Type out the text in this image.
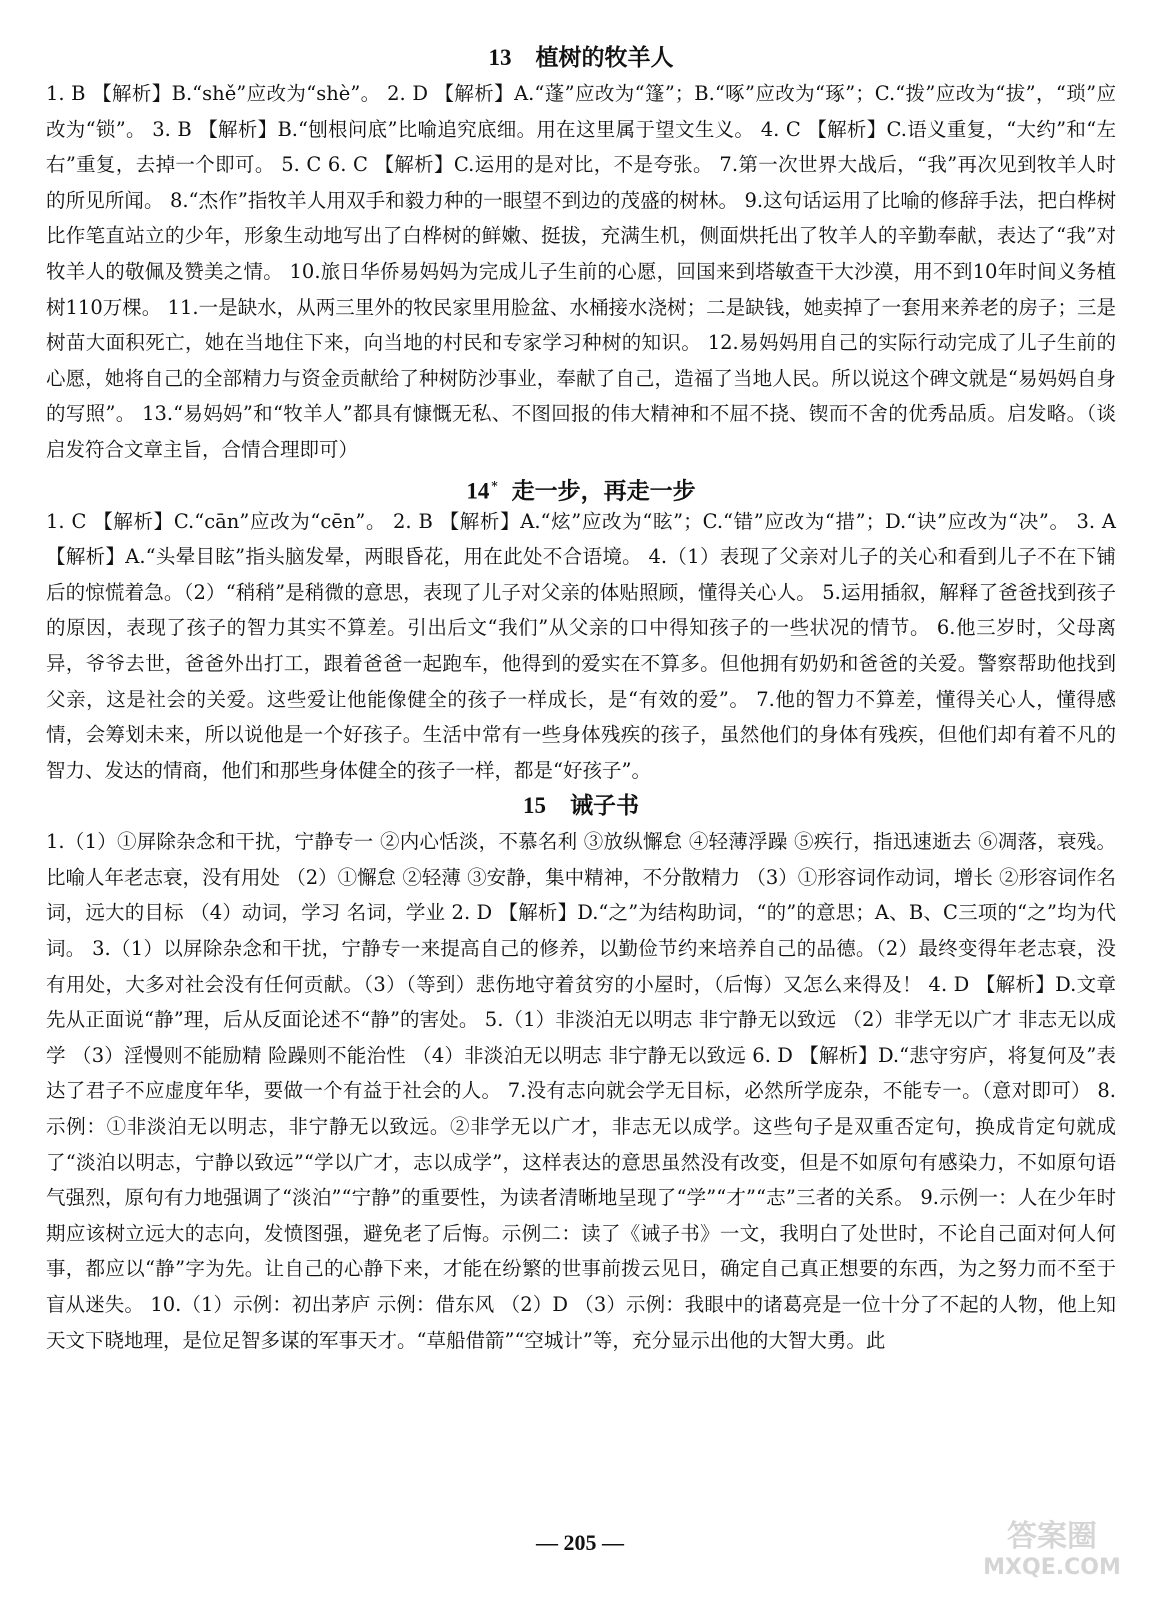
13 植树的牧羊人

1. B 【解析】B.“shě”应改为“shè”。 2. D 【解析】A.“蓬”应改为“篷”；B.“啄”应改为“琢”；C.“拨”应改为“拔”，“琐”应改为“锁”。 3. B 【解析】B.“刨根问底”比喻追究底细。用在这里属于望文生义。 4. C 【解析】C.语义重复，“大约”和“左右”重复，去掉一个即可。 5. C 6. C 【解析】C.运用的是对比，不是夸张。 7.第一次世界大战后，“我”再次见到牧羊人时的所见所闻。 8.“杰作”指牧羊人用双手和毅力种的一眼望不到边的茂盛的树林。 9.这句话运用了比喻的修辞手法，把白桦树比作笔直站立的少年，形象生动地写出了白桦树的鲜嫩、挺拔，充满生机，侧面烘托出了牧羊人的辛勤奉献，表达了“我”对牧羊人的敬佩及赞美之情。 10.旅日华侨易妈妈为完成儿子生前的心愿，回国来到塔敏查干大沙漠，用不到10年时间义务植树110万棵。 11.一是缺水，从两三里外的牧民家里用脸盆、水桶接水浇树；二是缺钱，她卖掉了一套用来养老的房子；三是树苗大面积死亡，她在当地住下来，向当地的村民和专家学习种树的知识。 12.易妈妈用自己的实际行动完成了儿子生前的心愿，她将自己的全部精力与资金贡献给了种树防沙事业，奉献了自己，造福了当地人民。所以说这个碑文就是“易妈妈自身的写照”。 13.“易妈妈”和“牧羊人”都具有慷慨无私、不图回报的伟大精神和不屈不挠、锲而不舍的优秀品质。启发略。（谈启发符合文章主旨，合情合理即可）

14 * 走一步，再走一步

1. C 【解析】C.“cān”应改为“cēn”。 2. B 【解析】A.“炫”应改为“眩”；C.“错”应改为“措”；D.“诀”应改为“决”。 3. A 【解析】A.“头晕目眩”指头脑发晕，两眼昏花，用在此处不合语境。 4.（1）表现了父亲对儿子的关心和看到儿子不在下铺后的惊慌着急。（2）“稍稍”是稍微的意思，表现了儿子对父亲的体贴照顾，懂得关心人。 5.运用插叙，解释了爸爸找到孩子的原因，表现了孩子的智力其实不算差。引出后文“我们”从父亲的口中得知孩子的一些状况的情节。 6.他三岁时，父母离异，爷爷去世，爸爸外出打工，跟着爸爸一起跑车，他得到的爱实在不算多。但他拥有奶奶和爸爸的关爱。警察帮助他找到父亲，这是社会的关爱。这些爱让他能像健全的孩子一样成长，是“有效的爱”。 7.他的智力不算差，懂得关心人，懂得感情，会筹划未来，所以说他是一个好孩子。生活中常有一些身体残疾的孩子，虽然他们的身体有残疾，但他们却有着不凡的智力、发达的情商，他们和那些身体健全的孩子一样，都是“好孩子”。

15 诫子书

1.（1）①屏除杂念和干扰，宁静专一 ②内心恬淡，不慕名利 ③放纵懈怠 ④轻薄浮躁 ⑤疾行，指迅速逝去 ⑥凋落，衰残。比喻人年老志衰，没有用处 （2）①懈怠 ②轻薄 ③安静，集中精神，不分散精力 （3）①形容词作动词，增长 ②形容词作名词，远大的目标 （4）动词，学习 名词，学业 2. D 【解析】D.“之”为结构助词，“的”的意思；A、B、C三项的“之”均为代词。 3.（1）以屏除杂念和干扰，宁静专一来提高自己的修养，以勤俭节约来培养自己的品德。（2）最终变得年老志衰，没有用处，大多对社会没有任何贡献。（3）（等到）悲伤地守着贫穷的小屋时，（后悔）又怎么来得及！ 4. D 【解析】D.文章先从正面说“静”理，后从反面论述不“静”的害处。 5.（1）非淡泊无以明志 非宁静无以致远 （2）非学无以广才 非志无以成学 （3）淫慢则不能励精 险躁则不能治性 （4）非淡泊无以明志 非宁静无以致远 6. D 【解析】D.“悲守穷庐，将复何及”表达了君子不应虚度年华，要做一个有益于社会的人。 7.没有志向就会学无目标，必然所学庞杂，不能专一。（意对即可） 8.示例：①非淡泊无以明志，非宁静无以致远。②非学无以广才，非志无以成学。这些句子是双重否定句，换成肯定句就成了“淡泊以明志，宁静以致远”“学以广才，志以成学”，这样表达的意思虽然没有改变，但是不如原句有感染力，不如原句语气强烈，原句有力地强调了“淡泊”“宁静”的重要性，为读者清晰地呈现了“学”“才”“志”三者的关系。 9.示例一：人在少年时期应该树立远大的志向，发愤图强，避免老了后悔。示例二：读了《诫子书》一文，我明白了处世时，不论自己面对何人何事，都应以“静”字为先。让自己的心静下来，才能在纷繁的世事前拨云见日，确定自己真正想要的东西，为之努力而不至于盲从迷失。 10.（1）示例：初出茅庐 示例：借东风 （2）D （3）示例：我眼中的诸葛亮是一位十分了不起的人物，他上知天文下晓地理，是位足智多谋的军事天才。“草船借箭”“空城计”等，充分显示出他的大智大勇。此

— 205 —	答案圈
MXQE.COM
